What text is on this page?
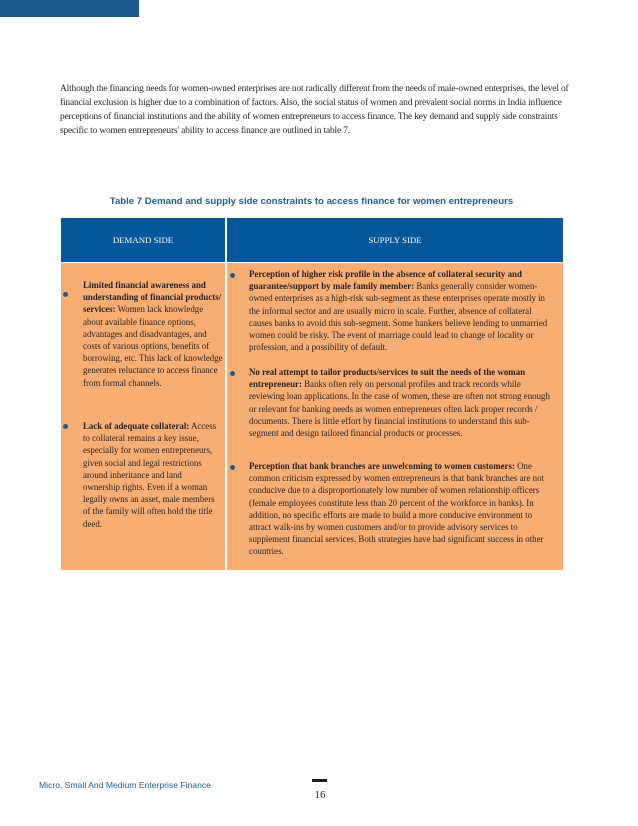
Although the financing needs for women-owned enterprises are not radically different from the needs of male-owned enterprises, the level of financial exclusion is higher due to a combination of factors. Also, the social status of women and prevalent social norms in India influence perceptions of financial institutions and the ability of women entrepreneurs to access finance. The key demand and supply side constraints specific to women entrepreneurs' ability to access finance are outlined in table 7.

Table 7 Demand and supply side constraints to access finance for women entrepreneurs

DEMAND SIDE	SUPPLY SIDE

Limited financial awareness and understanding of financial products/ services: Women lack knowledge about available finance options, advantages and disadvantages, and costs of various options, benefits of borrowing, etc. This lack of knowledge generates reluctance to access finance from formal channels.

Lack of adequate collateral: Access to collateral remains a key issue, especially for women entrepreneurs, given social and legal restrictions around inheritance and land ownership rights. Even if a woman legally owns an asset, male members of the family will often hold the title deed.

Perception of higher risk profile in the absence of collateral security and guarantee/support by male family member: Banks generally consider women-owned enterprises as a high-risk sub-segment as these enterprises operate mostly in the informal sector and are usually micro in scale. Further, absence of collateral causes banks to avoid this sub-segment. Some bankers believe lending to unmarried women could be risky. The event of marriage could lead to change of locality or profession, and a possibility of default.

No real attempt to tailor products/services to suit the needs of the woman entrepreneur: Banks often rely on personal profiles and track records while reviewing loan applications. In the case of women, these are often not strong enough or relevant for banking needs as women entrepreneurs often lack proper records / documents. There is little effort by financial institutions to understand this sub-segment and design tailored financial products or processes.

Perception that bank branches are unwelcoming to women customers: One common criticism expressed by women entrepreneurs is that bank branches are not conducive due to a disproportionately low number of women relationship officers (female employees constitute less than 20 percent of the workforce in banks). In addition, no specific efforts are made to build a more conducive environment to attract walk-ins by women customers and/or to provide advisory services to supplement financial services. Both strategies have had significant success in other countries.

Micro, Small And Medium Enterprise Finance
16
